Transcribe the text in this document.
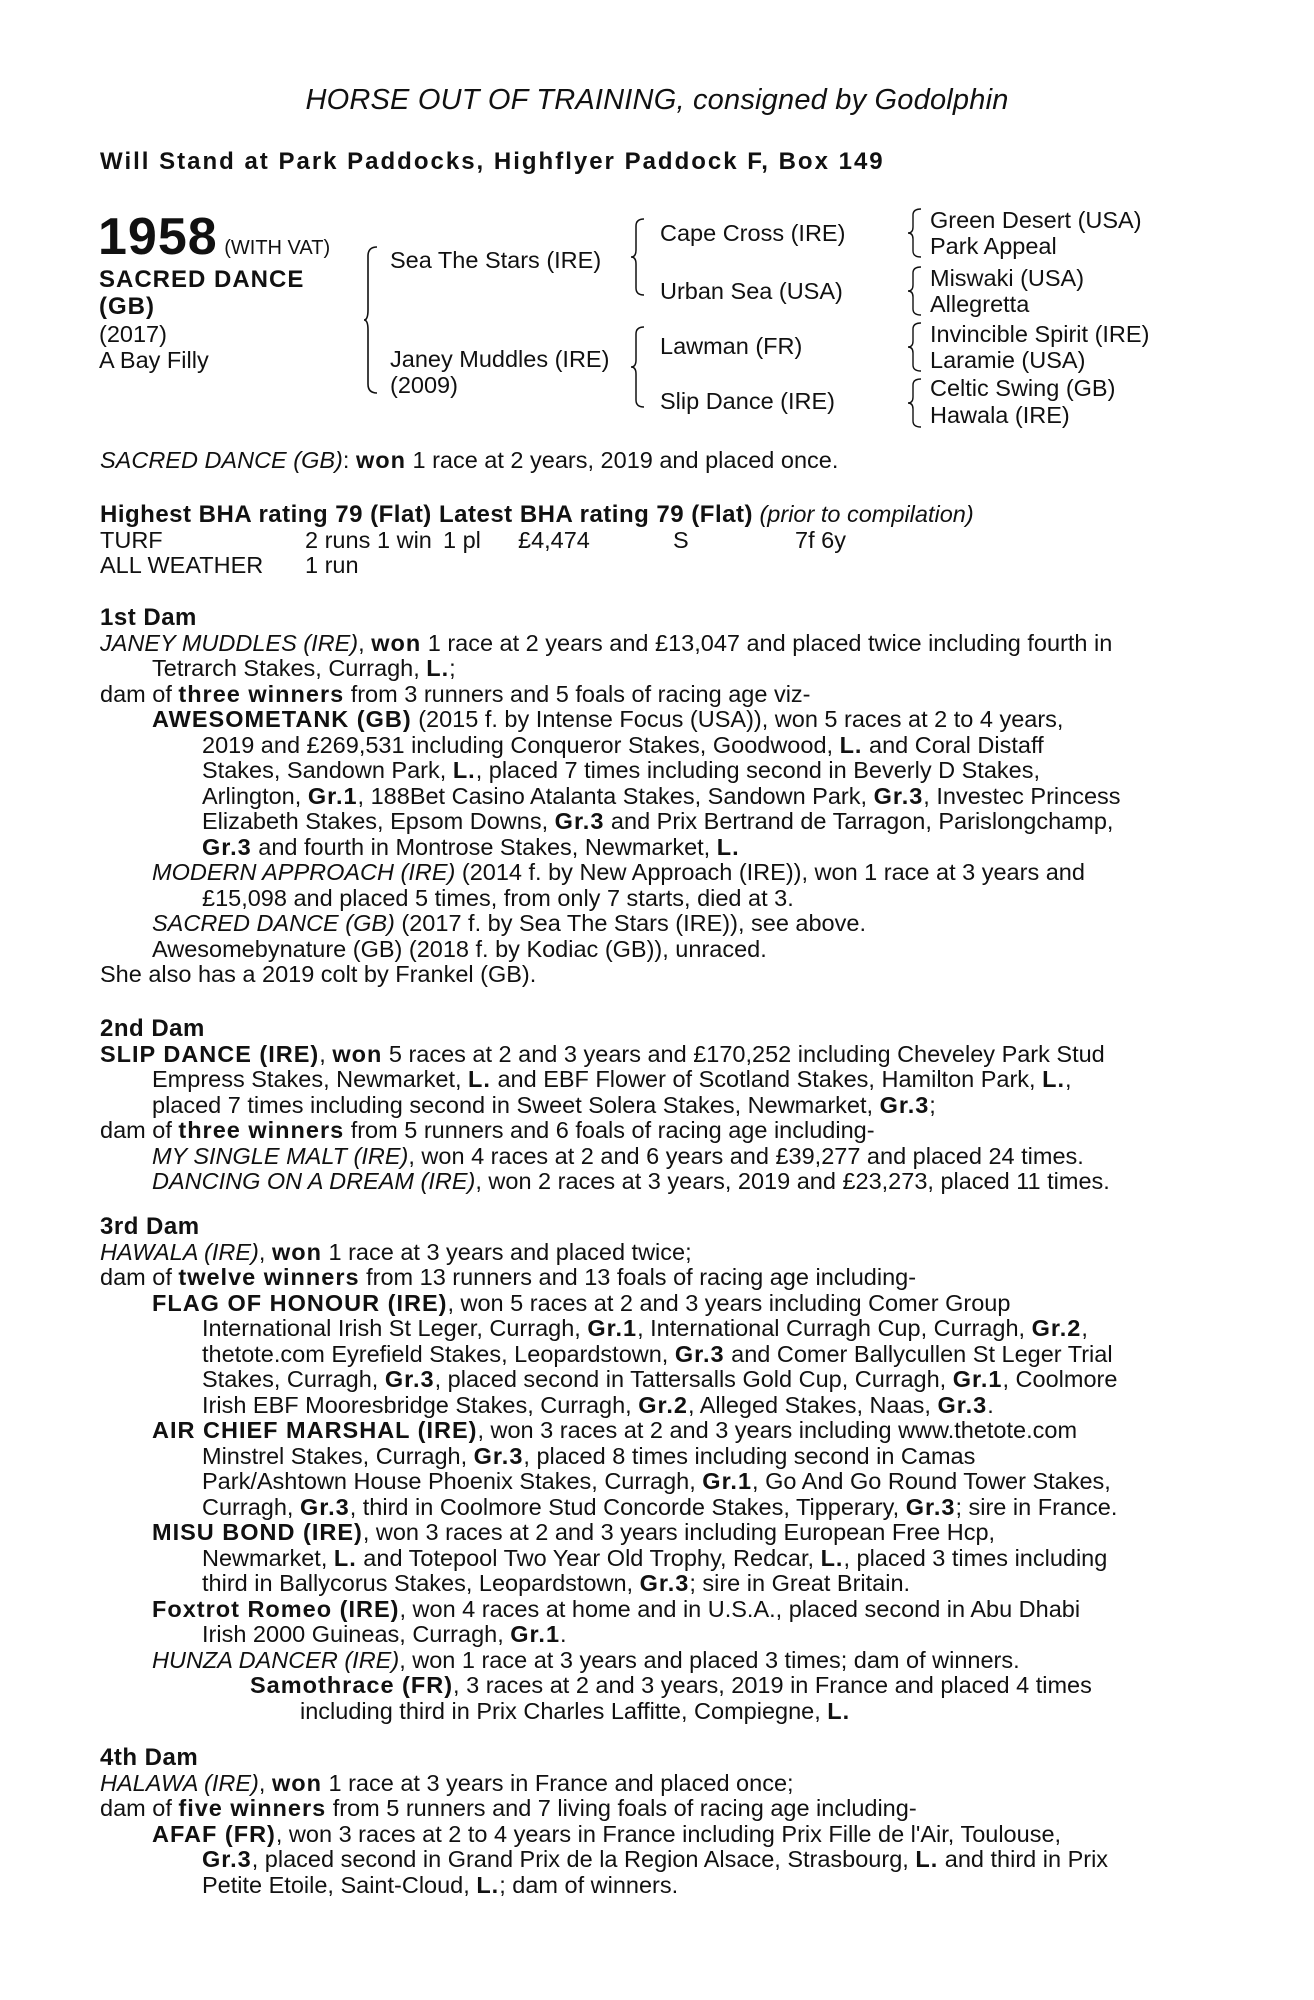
HORSE OUT OF TRAINING, consigned by Godolphin
Will Stand at Park Paddocks, Highflyer Paddock F, Box 149
1958 (WITH VAT)
SACRED DANCE
(GB)
(2017)
A Bay Filly
Sea The Stars (IRE)
Janey Muddles (IRE)
(2009)
Cape Cross (IRE)
Urban Sea (USA)
Lawman (FR)
Slip Dance (IRE)
Green Desert (USA)
Park Appeal
Miswaki (USA)
Allegretta
Invincible Spirit (IRE)
Laramie (USA)
Celtic Swing (GB)
Hawala (IRE)
SACRED DANCE (GB): won 1 race at 2 years, 2019 and placed once.
Highest BHA rating 79 (Flat) Latest BHA rating 79 (Flat) (prior to compilation)
TURF	2 runs 1 win 1 pl £4,474	S	7f 6y
ALL WEATHER 1 run
1st Dam
JANEY MUDDLES (IRE), won 1 race at 2 years and £13,047 and placed twice including fourth in
Tetrarch Stakes, Curragh, L.;
dam of three winners from 3 runners and 5 foals of racing age viz-
AWESOMETANK (GB) (2015 f. by Intense Focus (USA)), won 5 races at 2 to 4 years,
2019 and £269,531 including Conqueror Stakes, Goodwood, L. and Coral Distaff
Stakes, Sandown Park, L., placed 7 times including second in Beverly D Stakes,
Arlington, Gr.1, 188Bet Casino Atalanta Stakes, Sandown Park, Gr.3, Investec Princess
Elizabeth Stakes, Epsom Downs, Gr.3 and Prix Bertrand de Tarragon, Parislongchamp,
Gr.3 and fourth in Montrose Stakes, Newmarket, L.
MODERN APPROACH (IRE) (2014 f. by New Approach (IRE)), won 1 race at 3 years and
£15,098 and placed 5 times, from only 7 starts, died at 3.
SACRED DANCE (GB) (2017 f. by Sea The Stars (IRE)), see above.
Awesomebynature (GB) (2018 f. by Kodiac (GB)), unraced.
She also has a 2019 colt by Frankel (GB).
2nd Dam
SLIP DANCE (IRE), won 5 races at 2 and 3 years and £170,252 including Cheveley Park Stud
Empress Stakes, Newmarket, L. and EBF Flower of Scotland Stakes, Hamilton Park, L.,
placed 7 times including second in Sweet Solera Stakes, Newmarket, Gr.3;
dam of three winners from 5 runners and 6 foals of racing age including-
MY SINGLE MALT (IRE), won 4 races at 2 and 6 years and £39,277 and placed 24 times.
DANCING ON A DREAM (IRE), won 2 races at 3 years, 2019 and £23,273, placed 11 times.
3rd Dam
HAWALA (IRE), won 1 race at 3 years and placed twice;
dam of twelve winners from 13 runners and 13 foals of racing age including-
FLAG OF HONOUR (IRE), won 5 races at 2 and 3 years including Comer Group
International Irish St Leger, Curragh, Gr.1, International Curragh Cup, Curragh, Gr.2,
thetote.com Eyrefield Stakes, Leopardstown, Gr.3 and Comer Ballycullen St Leger Trial
Stakes, Curragh, Gr.3, placed second in Tattersalls Gold Cup, Curragh, Gr.1, Coolmore
Irish EBF Mooresbridge Stakes, Curragh, Gr.2, Alleged Stakes, Naas, Gr.3.
AIR CHIEF MARSHAL (IRE), won 3 races at 2 and 3 years including www.thetote.com
Minstrel Stakes, Curragh, Gr.3, placed 8 times including second in Camas
Park/Ashtown House Phoenix Stakes, Curragh, Gr.1, Go And Go Round Tower Stakes,
Curragh, Gr.3, third in Coolmore Stud Concorde Stakes, Tipperary, Gr.3; sire in France.
MISU BOND (IRE), won 3 races at 2 and 3 years including European Free Hcp,
Newmarket, L. and Totepool Two Year Old Trophy, Redcar, L., placed 3 times including
third in Ballycorus Stakes, Leopardstown, Gr.3; sire in Great Britain.
Foxtrot Romeo (IRE), won 4 races at home and in U.S.A., placed second in Abu Dhabi
Irish 2000 Guineas, Curragh, Gr.1.
HUNZA DANCER (IRE), won 1 race at 3 years and placed 3 times; dam of winners.
Samothrace (FR), 3 races at 2 and 3 years, 2019 in France and placed 4 times
including third in Prix Charles Laffitte, Compiegne, L.
4th Dam
HALAWA (IRE), won 1 race at 3 years in France and placed once;
dam of five winners from 5 runners and 7 living foals of racing age including-
AFAF (FR), won 3 races at 2 to 4 years in France including Prix Fille de l'Air, Toulouse,
Gr.3, placed second in Grand Prix de la Region Alsace, Strasbourg, L. and third in Prix
Petite Etoile, Saint-Cloud, L.; dam of winners.
